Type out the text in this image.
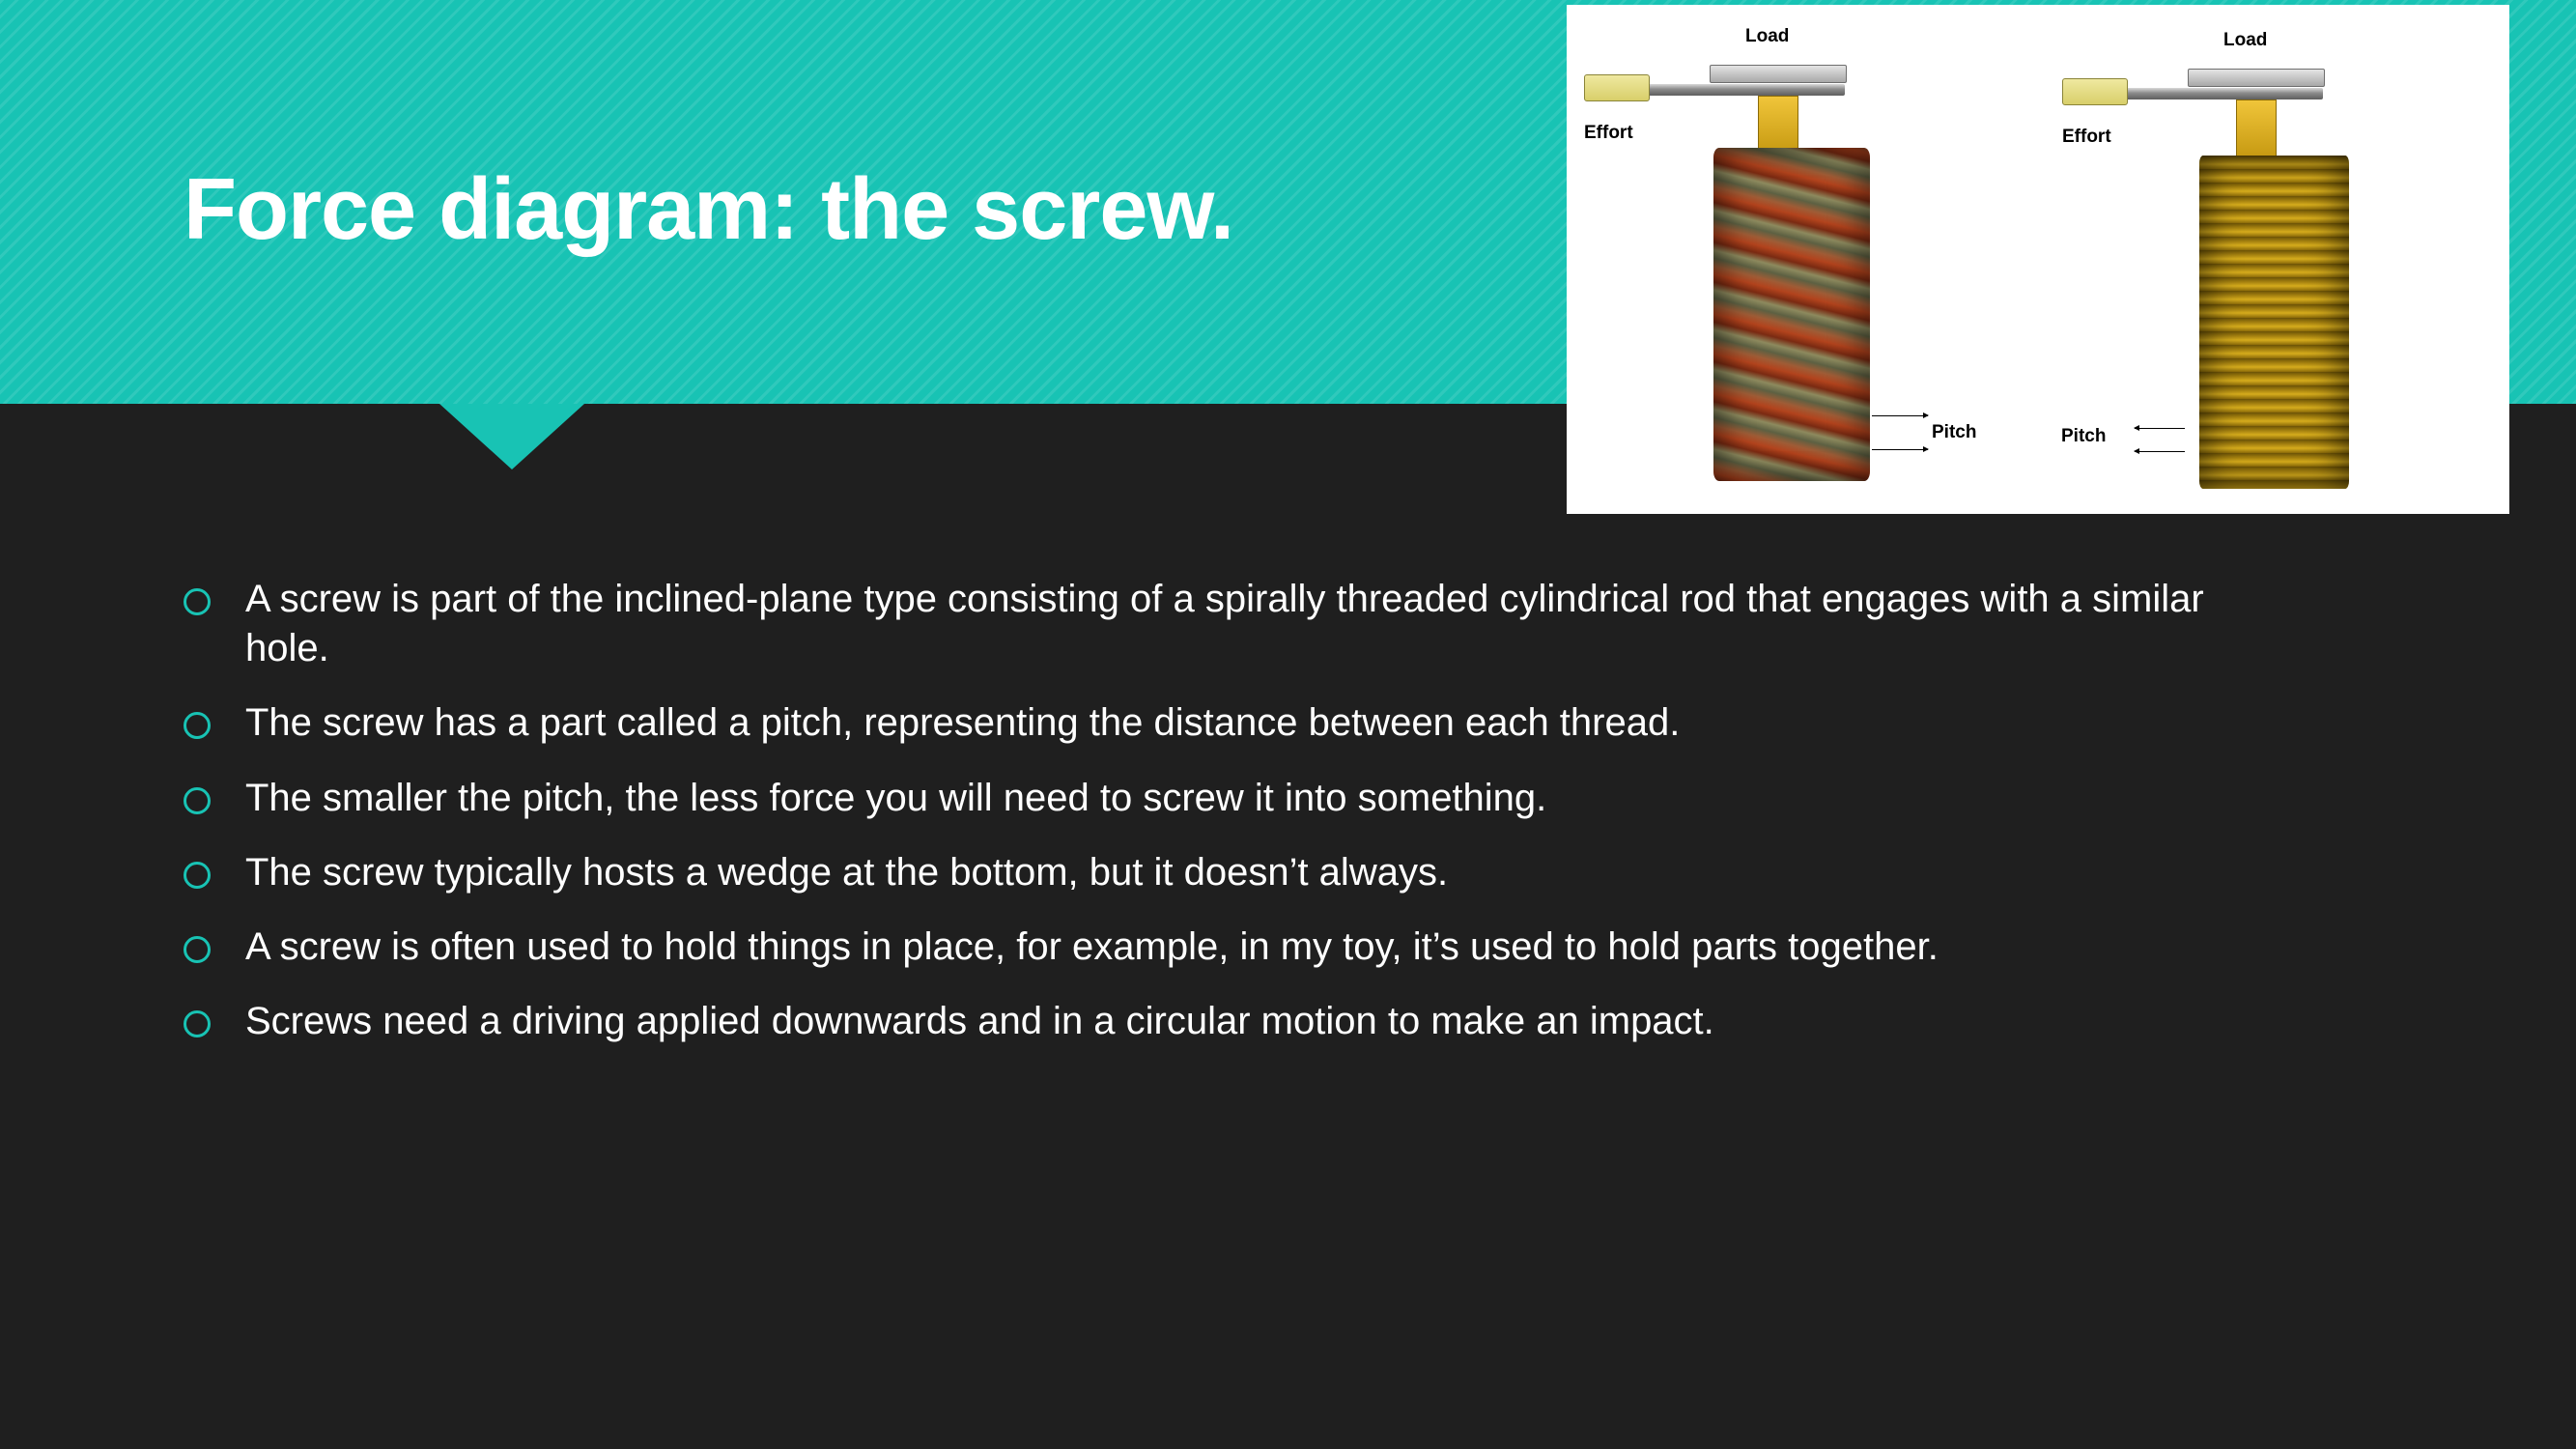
Force diagram: the screw.
Load
Effort
Pitch
Load
Effort
Pitch
A screw is part of the inclined-plane type consisting of a spirally threaded cylindrical rod that engages with a similar hole.
The screw has a part called a pitch, representing the distance between each thread.
The smaller the pitch, the less force you will need to screw it into something.
The screw typically hosts a wedge at the bottom, but it doesn’t always.
A screw is often used to hold things in place, for example, in my toy, it’s used to hold parts together.
Screws need a driving applied downwards and in a circular motion to make an impact.
